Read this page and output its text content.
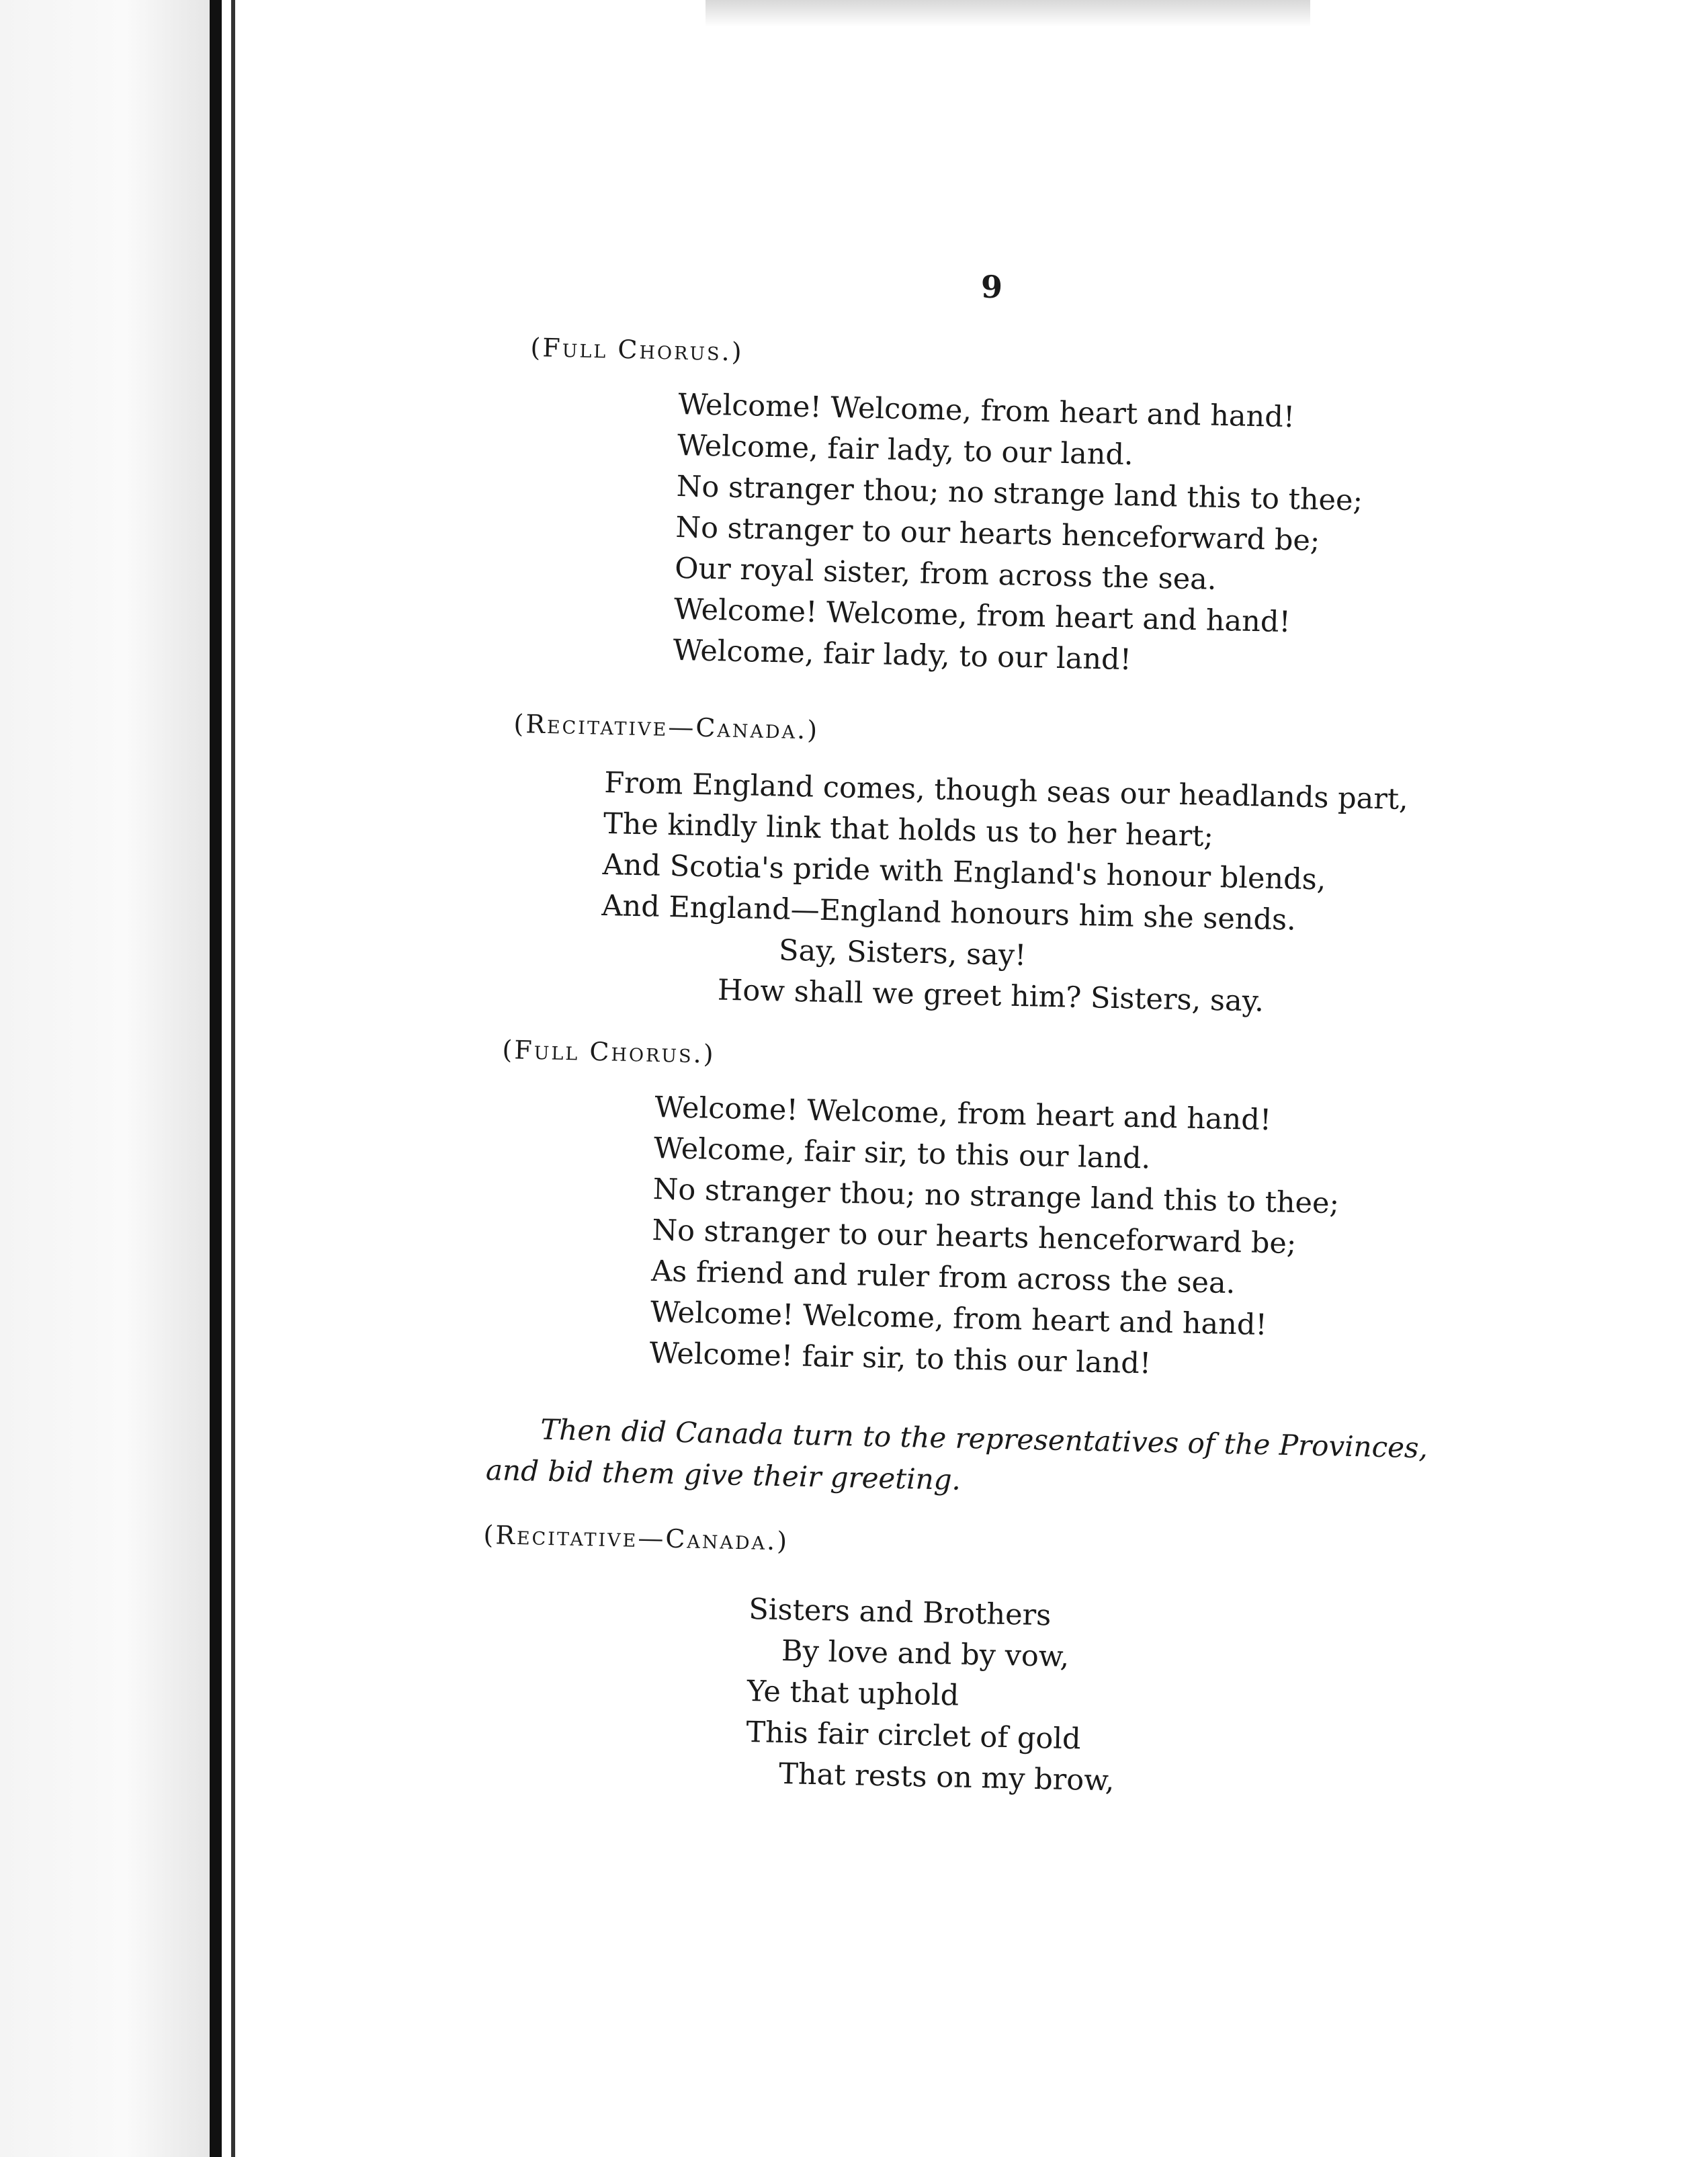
9
(Full Chorus.)
Welcome! Welcome, from heart and hand!
Welcome, fair lady, to our land.
No stranger thou; no strange land this to thee;
No stranger to our hearts henceforward be;
Our royal sister, from across the sea.
Welcome! Welcome, from heart and hand!
Welcome, fair lady, to our land!
(Recitative—Canada.)
From England comes, though seas our headlands part,
The kindly link that holds us to her heart;
And Scotia's pride with England's honour blends,
And England—England honours him she sends.
Say, Sisters, say!
How shall we greet him? Sisters, say.
(Full Chorus.)
Welcome! Welcome, from heart and hand!
Welcome, fair sir, to this our land.
No stranger thou; no strange land this to thee;
No stranger to our hearts henceforward be;
As friend and ruler from across the sea.
Welcome! Welcome, from heart and hand!
Welcome! fair sir, to this our land!
Then did Canada turn to the representatives of the Provinces,
and bid them give their greeting.
(Recitative—Canada.)
Sisters and Brothers
By love and by vow,
Ye that uphold
This fair circlet of gold
That rests on my brow,
